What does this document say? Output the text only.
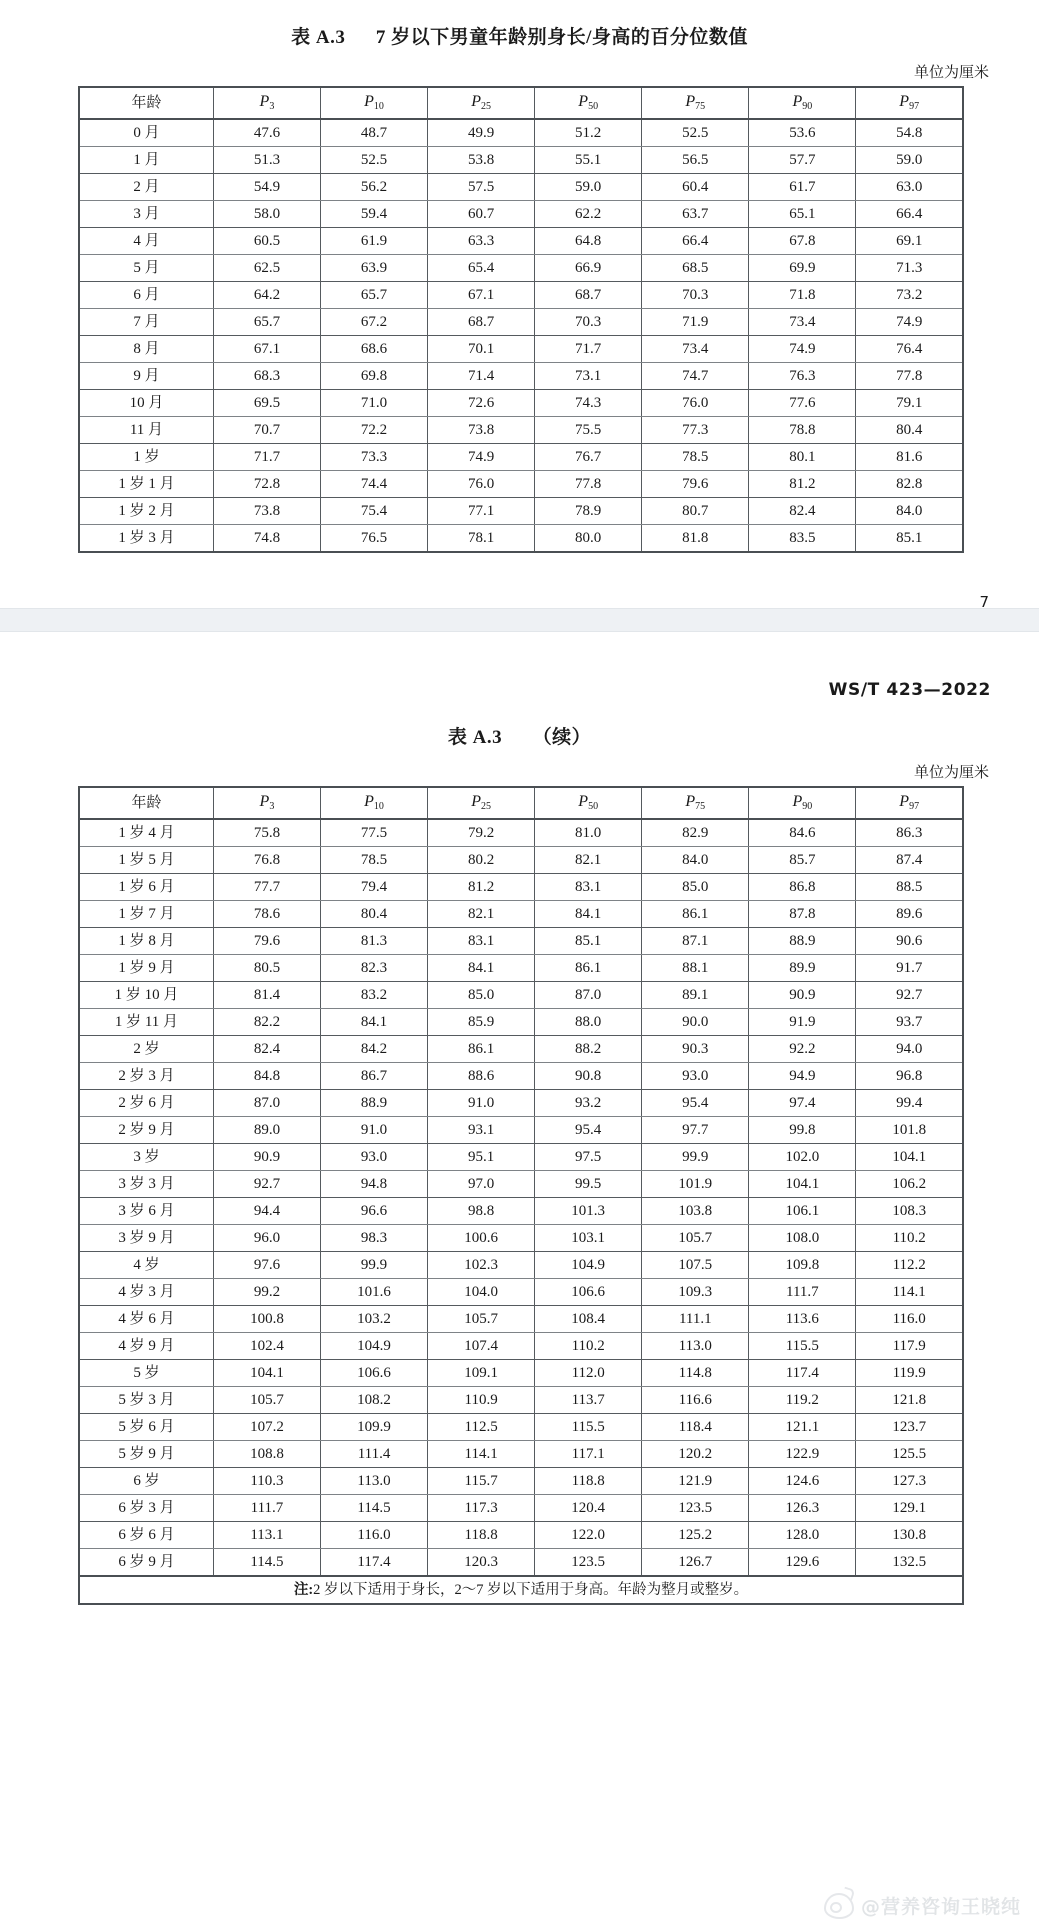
表 A.3 7 岁以下男童年龄别身长/身高的百分位数值
单位为厘米
年龄	$P_3$	$P_{10}$	$P_{25}$	$P_{50}$	$P_{75}$	$P_{90}$	$P_{97}$
0 月	47.6	48.7	49.9	51.2	52.5	53.6	54.8
1 月	51.3	52.5	53.8	55.1	56.5	57.7	59.0
2 月	54.9	56.2	57.5	59.0	60.4	61.7	63.0
3 月	58.0	59.4	60.7	62.2	63.7	65.1	66.4
4 月	60.5	61.9	63.3	64.8	66.4	67.8	69.1
5 月	62.5	63.9	65.4	66.9	68.5	69.9	71.3
6 月	64.2	65.7	67.1	68.7	70.3	71.8	73.2
7 月	65.7	67.2	68.7	70.3	71.9	73.4	74.9
8 月	67.1	68.6	70.1	71.7	73.4	74.9	76.4
9 月	68.3	69.8	71.4	73.1	74.7	76.3	77.8
10 月	69.5	71.0	72.6	74.3	76.0	77.6	79.1
11 月	70.7	72.2	73.8	75.5	77.3	78.8	80.4
1 岁	71.7	73.3	74.9	76.7	78.5	80.1	81.6
1 岁 1 月	72.8	74.4	76.0	77.8	79.6	81.2	82.8
1 岁 2 月	73.8	75.4	77.1	78.9	80.7	82.4	84.0
1 岁 3 月	74.8	76.5	78.1	80.0	81.8	83.5	85.1
7
WS/T 423—2022
表 A.3 （续）
单位为厘米
年龄	$P_3$	$P_{10}$	$P_{25}$	$P_{50}$	$P_{75}$	$P_{90}$	$P_{97}$
1 岁 4 月	75.8	77.5	79.2	81.0	82.9	84.6	86.3
1 岁 5 月	76.8	78.5	80.2	82.1	84.0	85.7	87.4
1 岁 6 月	77.7	79.4	81.2	83.1	85.0	86.8	88.5
1 岁 7 月	78.6	80.4	82.1	84.1	86.1	87.8	89.6
1 岁 8 月	79.6	81.3	83.1	85.1	87.1	88.9	90.6
1 岁 9 月	80.5	82.3	84.1	86.1	88.1	89.9	91.7
1 岁 10 月	81.4	83.2	85.0	87.0	89.1	90.9	92.7
1 岁 11 月	82.2	84.1	85.9	88.0	90.0	91.9	93.7
2 岁	82.4	84.2	86.1	88.2	90.3	92.2	94.0
2 岁 3 月	84.8	86.7	88.6	90.8	93.0	94.9	96.8
2 岁 6 月	87.0	88.9	91.0	93.2	95.4	97.4	99.4
2 岁 9 月	89.0	91.0	93.1	95.4	97.7	99.8	101.8
3 岁	90.9	93.0	95.1	97.5	99.9	102.0	104.1
3 岁 3 月	92.7	94.8	97.0	99.5	101.9	104.1	106.2
3 岁 6 月	94.4	96.6	98.8	101.3	103.8	106.1	108.3
3 岁 9 月	96.0	98.3	100.6	103.1	105.7	108.0	110.2
4 岁	97.6	99.9	102.3	104.9	107.5	109.8	112.2
4 岁 3 月	99.2	101.6	104.0	106.6	109.3	111.7	114.1
4 岁 6 月	100.8	103.2	105.7	108.4	111.1	113.6	116.0
4 岁 9 月	102.4	104.9	107.4	110.2	113.0	115.5	117.9
5 岁	104.1	106.6	109.1	112.0	114.8	117.4	119.9
5 岁 3 月	105.7	108.2	110.9	113.7	116.6	119.2	121.8
5 岁 6 月	107.2	109.9	112.5	115.5	118.4	121.1	123.7
5 岁 9 月	108.8	111.4	114.1	117.1	120.2	122.9	125.5
6 岁	110.3	113.0	115.7	118.8	121.9	124.6	127.3
6 岁 3 月	111.7	114.5	117.3	120.4	123.5	126.3	129.1
6 岁 6 月	113.1	116.0	118.8	122.0	125.2	128.0	130.8
6 岁 9 月	114.5	117.4	120.3	123.5	126.7	129.6	132.5
注:2 岁以下适用于身长，2～7 岁以下适用于身高。年龄为整月或整岁。							
@营养咨询王晓纯
